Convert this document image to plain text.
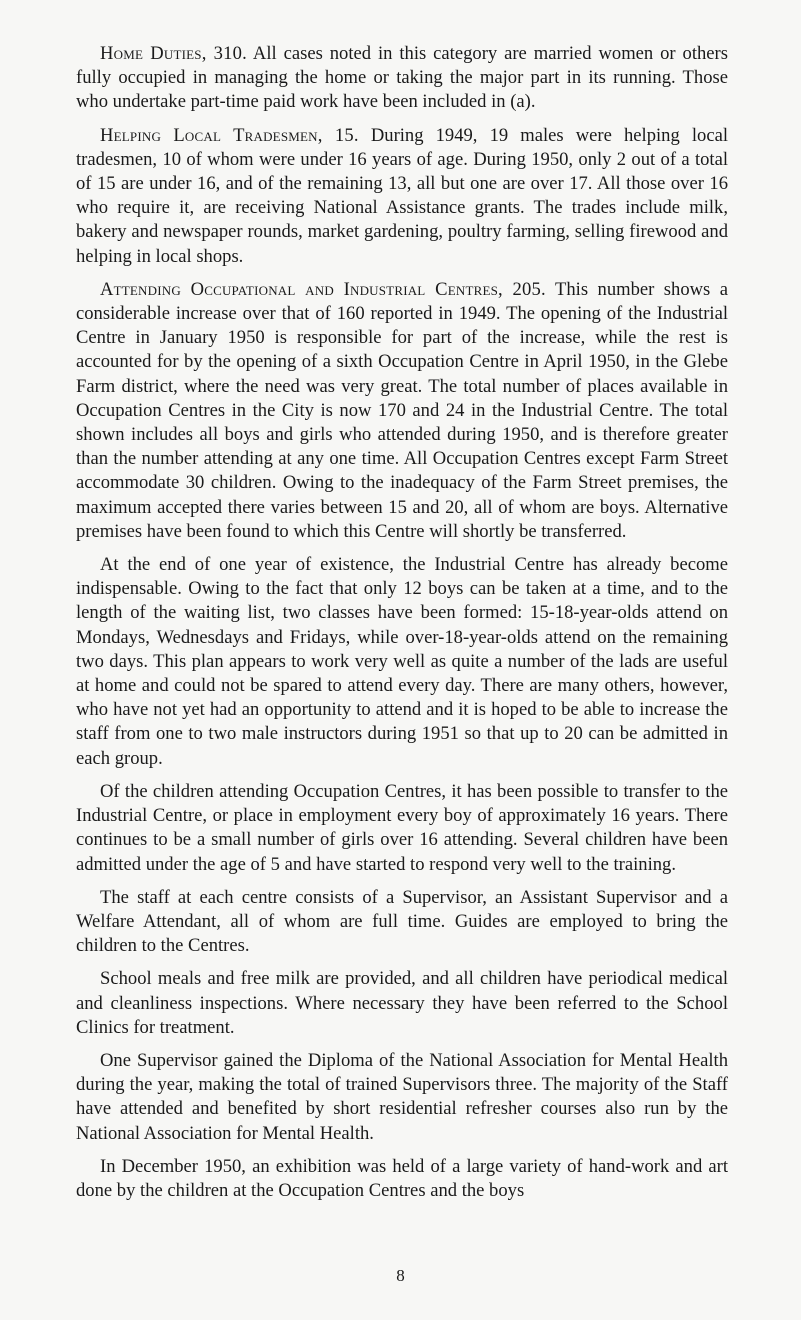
Home Duties, 310. All cases noted in this category are married women or others fully occupied in managing the home or taking the major part in its running. Those who undertake part-time paid work have been included in (a).

Helping Local Tradesmen, 15. During 1949, 19 males were helping local tradesmen, 10 of whom were under 16 years of age. During 1950, only 2 out of a total of 15 are under 16, and of the remaining 13, all but one are over 17. All those over 16 who require it, are receiving National Assistance grants. The trades include milk, bakery and newspaper rounds, market gardening, poultry farming, selling firewood and helping in local shops.

Attending Occupational and Industrial Centres, 205. This number shows a considerable increase over that of 160 reported in 1949. The opening of the Industrial Centre in January 1950 is responsible for part of the increase, while the rest is accounted for by the opening of a sixth Occupation Centre in April 1950, in the Glebe Farm district, where the need was very great. The total number of places available in Occupation Centres in the City is now 170 and 24 in the Industrial Centre. The total shown includes all boys and girls who attended during 1950, and is therefore greater than the number attending at any one time. All Occupation Centres except Farm Street accommodate 30 children. Owing to the inadequacy of the Farm Street premises, the maximum accepted there varies between 15 and 20, all of whom are boys. Alternative premises have been found to which this Centre will shortly be transferred.

At the end of one year of existence, the Industrial Centre has already become indispensable. Owing to the fact that only 12 boys can be taken at a time, and to the length of the waiting list, two classes have been formed: 15-18-year-olds attend on Mondays, Wednesdays and Fridays, while over-18-year-olds attend on the remaining two days. This plan appears to work very well as quite a number of the lads are useful at home and could not be spared to attend every day. There are many others, however, who have not yet had an opportunity to attend and it is hoped to be able to increase the staff from one to two male instructors during 1951 so that up to 20 can be admitted in each group.

Of the children attending Occupation Centres, it has been possible to transfer to the Industrial Centre, or place in employment every boy of approximately 16 years. There continues to be a small number of girls over 16 attending. Several children have been admitted under the age of 5 and have started to respond very well to the training.

The staff at each centre consists of a Supervisor, an Assistant Supervisor and a Welfare Attendant, all of whom are full time. Guides are employed to bring the children to the Centres.

School meals and free milk are provided, and all children have periodical medical and cleanliness inspections. Where necessary they have been referred to the School Clinics for treatment.

One Supervisor gained the Diploma of the National Association for Mental Health during the year, making the total of trained Supervisors three. The majority of the Staff have attended and benefited by short residential refresher courses also run by the National Association for Mental Health.

In December 1950, an exhibition was held of a large variety of hand-work and art done by the children at the Occupation Centres and the boys

8
